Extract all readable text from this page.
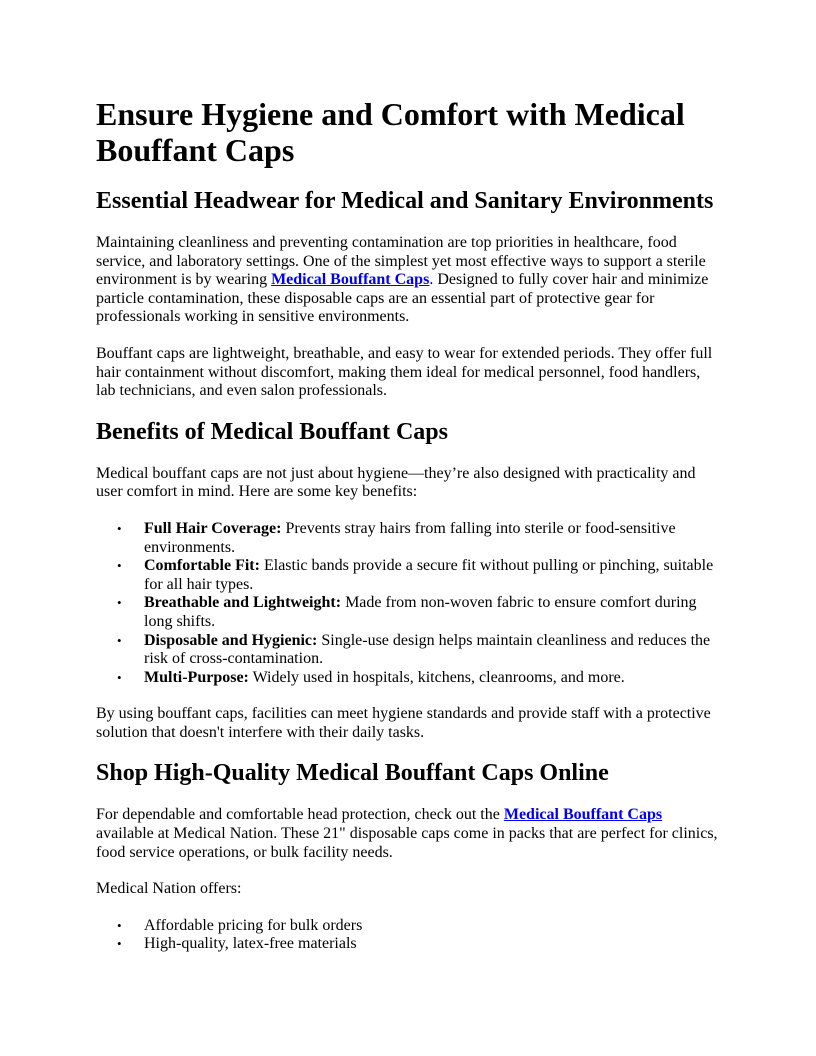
Ensure Hygiene and Comfort with Medical Bouffant Caps
Essential Headwear for Medical and Sanitary Environments

Maintaining cleanliness and preventing contamination are top priorities in healthcare, food service, and laboratory settings. One of the simplest yet most effective ways to support a sterile environment is by wearing Medical Bouffant Caps. Designed to fully cover hair and minimize particle contamination, these disposable caps are an essential part of protective gear for professionals working in sensitive environments.

Bouffant caps are lightweight, breathable, and easy to wear for extended periods. They offer full hair containment without discomfort, making them ideal for medical personnel, food handlers, lab technicians, and even salon professionals.

Benefits of Medical Bouffant Caps

Medical bouffant caps are not just about hygiene—they’re also designed with practicality and user comfort in mind. Here are some key benefits:

• Full Hair Coverage: Prevents stray hairs from falling into sterile or food-sensitive environments.
• Comfortable Fit: Elastic bands provide a secure fit without pulling or pinching, suitable for all hair types.
• Breathable and Lightweight: Made from non-woven fabric to ensure comfort during long shifts.
• Disposable and Hygienic: Single-use design helps maintain cleanliness and reduces the risk of cross-contamination.
• Multi-Purpose: Widely used in hospitals, kitchens, cleanrooms, and more.

By using bouffant caps, facilities can meet hygiene standards and provide staff with a protective solution that doesn't interfere with their daily tasks.

Shop High-Quality Medical Bouffant Caps Online

For dependable and comfortable head protection, check out the Medical Bouffant Caps available at Medical Nation. These 21" disposable caps come in packs that are perfect for clinics, food service operations, or bulk facility needs.

Medical Nation offers:

• Affordable pricing for bulk orders
• High-quality, latex-free materials
